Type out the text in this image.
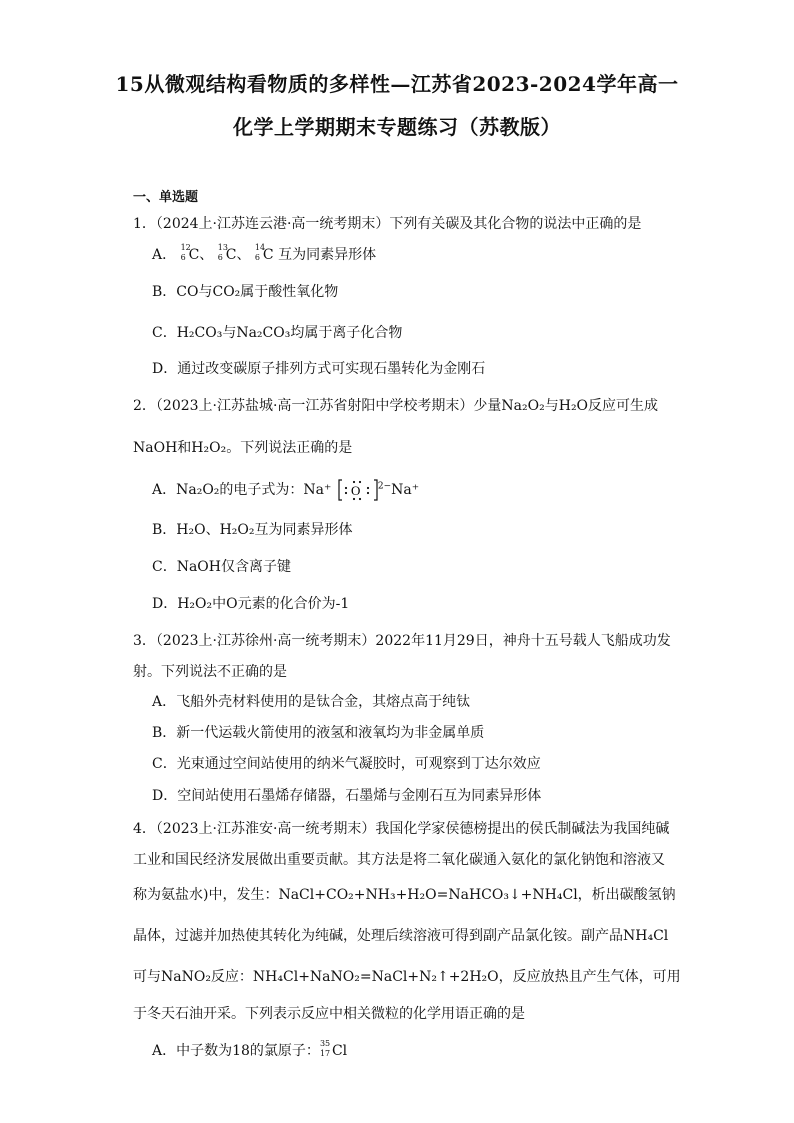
15从微观结构看物质的多样性—江苏省2023-2024学年高一
化学上学期期末专题练习（苏教版）
一、单选题
1．（2024上·江苏连云港·高一统考期末）下列有关碳及其化合物的说法中正确的是
A． 12
6 C、 13
6 C、 14
6 C 互为同素异形体
B．CO与CO₂属于酸性氧化物
C．H₂CO₃与Na₂CO₃均属于离子化合物
D．通过改变碳原子排列方式可实现石墨转化为金刚石
2．（2023上·江苏盐城·高一江苏省射阳中学校考期末）少量Na₂O₂与H₂O反应可生成
NaOH和H₂O₂。下列说法正确的是
A．Na₂O₂的电子式为：Na⁺ O $^{2-}$Na⁺
B．H₂O、H₂O₂互为同素异形体
C．NaOH仅含离子键
D．H₂O₂中O元素的化合价为-1
3．（2023上·江苏徐州·高一统考期末）2022年11月29日，神舟十五号载人飞船成功发
射。下列说法不正确的是
A．飞船外壳材料使用的是钛合金，其熔点高于纯钛
B．新一代运载火箭使用的液氢和液氧均为非金属单质
C．光束通过空间站使用的纳米气凝胶时，可观察到丁达尔效应
D．空间站使用石墨烯存储器，石墨烯与金刚石互为同素异形体
4．（2023上·江苏淮安·高一统考期末）我国化学家侯德榜提出的侯氏制碱法为我国纯碱
工业和国民经济发展做出重要贡献。其方法是将二氧化碳通入氨化的氯化钠饱和溶液又
称为氨盐水)中，发生：NaCl+CO₂+NH₃+H₂O=NaHCO₃↓+NH₄Cl，析出碳酸氢钠
晶体，过滤并加热使其转化为纯碱，处理后续溶液可得到副产品氯化铵。副产品NH₄Cl
可与NaNO₂反应：NH₄Cl+NaNO₂=NaCl+N₂↑+2H₂O，反应放热且产生气体，可用
于冬天石油开采。下列表示反应中相关微粒的化学用语正确的是
A．中子数为18的氯原子： 35
17 Cl
